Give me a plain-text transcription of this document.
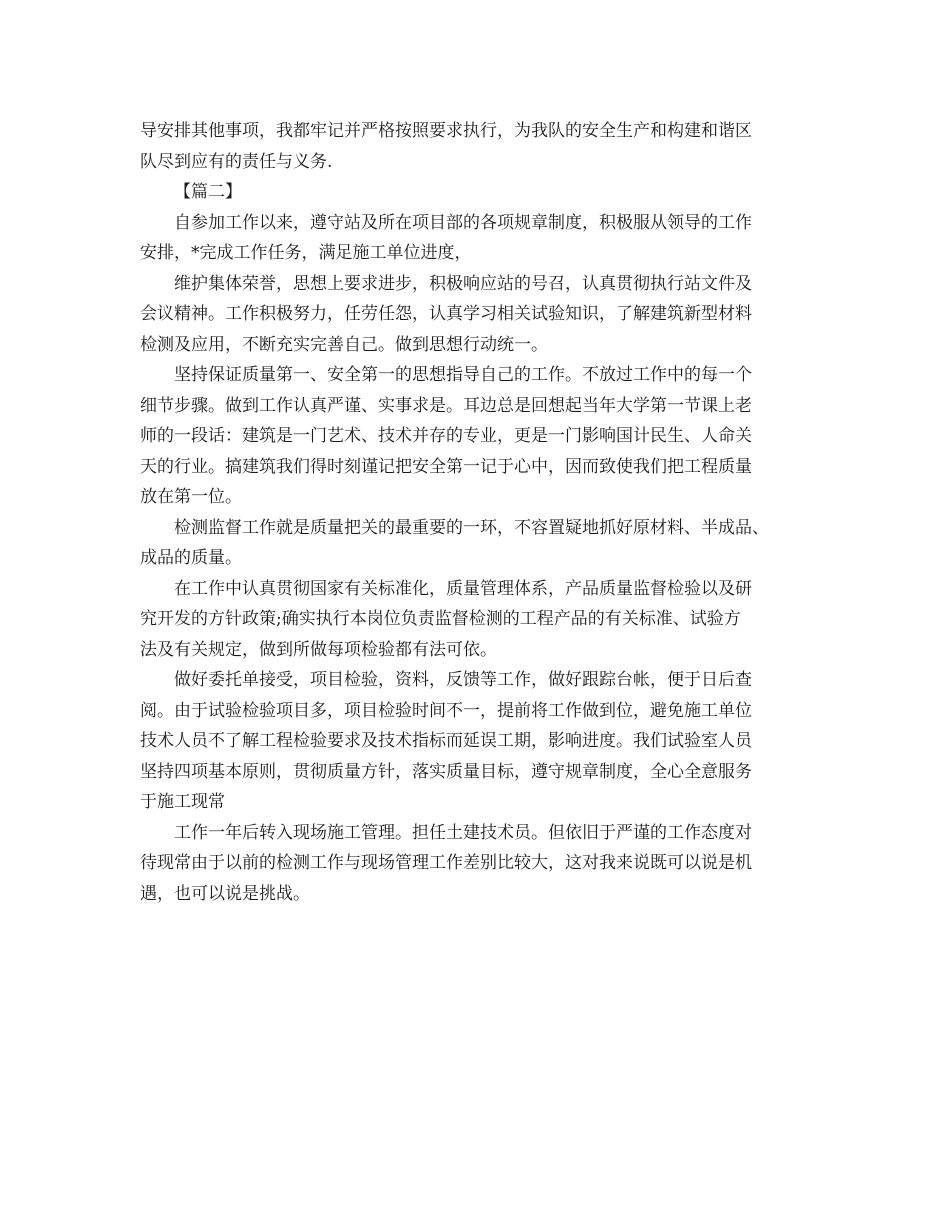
导安排其他事项，我都牢记并严格按照要求执行，为我队的安全生产和构建和谐区
队尽到应有的责任与义务.
【篇二】
自参加工作以来，遵守站及所在项目部的各项规章制度，积极服从领导的工作
安排，*完成工作任务，满足施工单位进度，
维护集体荣誉，思想上要求进步，积极响应站的号召，认真贯彻执行站文件及
会议精神。工作积极努力，任劳任怨，认真学习相关试验知识，了解建筑新型材料
检测及应用，不断充实完善自己。做到思想行动统一。
坚持保证质量第一、安全第一的思想指导自己的工作。不放过工作中的每一个
细节步骤。做到工作认真严谨、实事求是。耳边总是回想起当年大学第一节课上老
师的一段话：建筑是一门艺术、技术并存的专业，更是一门影响国计民生、人命关
天的行业。搞建筑我们得时刻谨记把安全第一记于心中，因而致使我们把工程质量
放在第一位。
检测监督工作就是质量把关的最重要的一环，不容置疑地抓好原材料、半成品、
成品的质量。
在工作中认真贯彻国家有关标准化，质量管理体系，产品质量监督检验以及研
究开发的方针政策;确实执行本岗位负责监督检测的工程产品的有关标准、试验方
法及有关规定，做到所做每项检验都有法可依。
做好委托单接受，项目检验，资料，反馈等工作，做好跟踪台帐，便于日后查
阅。由于试验检验项目多，项目检验时间不一，提前将工作做到位，避免施工单位
技术人员不了解工程检验要求及技术指标而延误工期，影响进度。我们试验室人员
坚持四项基本原则，贯彻质量方针，落实质量目标，遵守规章制度，全心全意服务
于施工现常
工作一年后转入现场施工管理。担任土建技术员。但依旧于严谨的工作态度对
待现常由于以前的检测工作与现场管理工作差别比较大，这对我来说既可以说是机
遇，也可以说是挑战。
